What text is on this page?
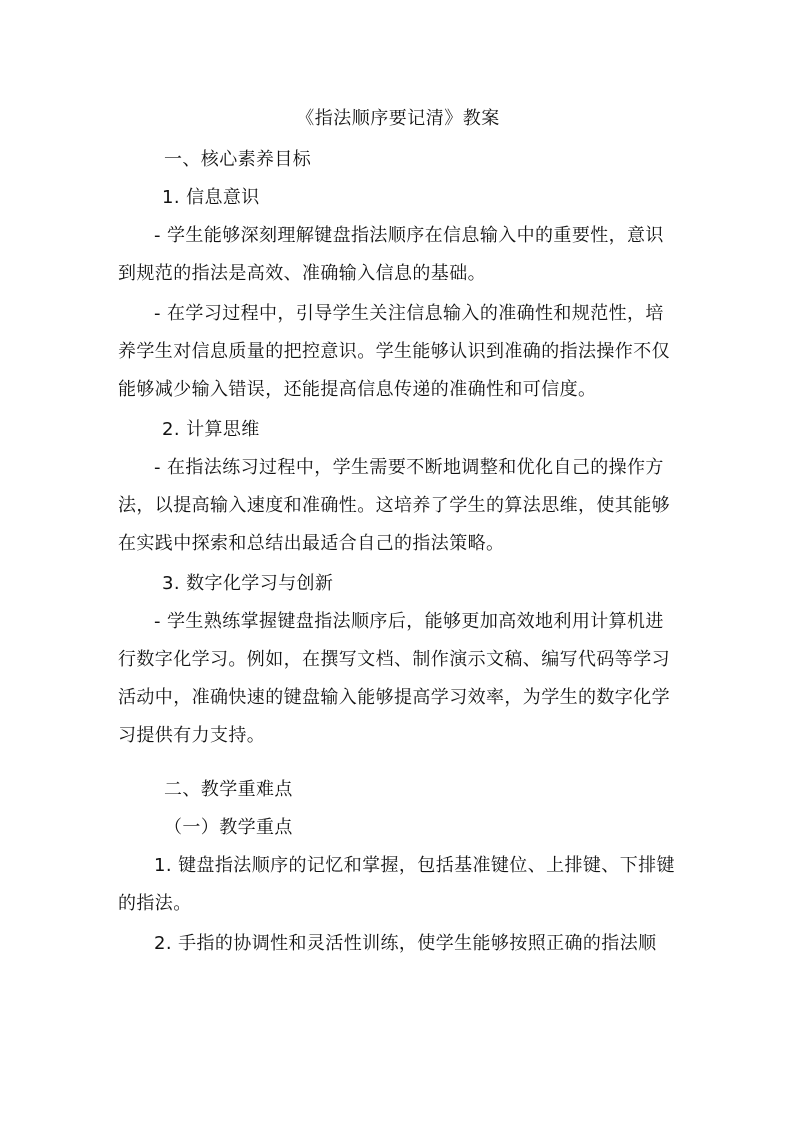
《指法顺序要记清》教案

一、核心素养目标

1. 信息意识

- 学生能够深刻理解键盘指法顺序在信息输入中的重要性，意识到规范的指法是高效、准确输入信息的基础。

- 在学习过程中，引导学生关注信息输入的准确性和规范性，培养学生对信息质量的把控意识。学生能够认识到准确的指法操作不仅能够减少输入错误，还能提高信息传递的准确性和可信度。

2. 计算思维

- 在指法练习过程中，学生需要不断地调整和优化自己的操作方法，以提高输入速度和准确性。这培养了学生的算法思维，使其能够在实践中探索和总结出最适合自己的指法策略。

3. 数字化学习与创新

- 学生熟练掌握键盘指法顺序后，能够更加高效地利用计算机进行数字化学习。例如，在撰写文档、制作演示文稿、编写代码等学习活动中，准确快速的键盘输入能够提高学习效率，为学生的数字化学习提供有力支持。

二、教学重难点

（一）教学重点

1. 键盘指法顺序的记忆和掌握，包括基准键位、上排键、下排键的指法。

2. 手指的协调性和灵活性训练，使学生能够按照正确的指法顺
